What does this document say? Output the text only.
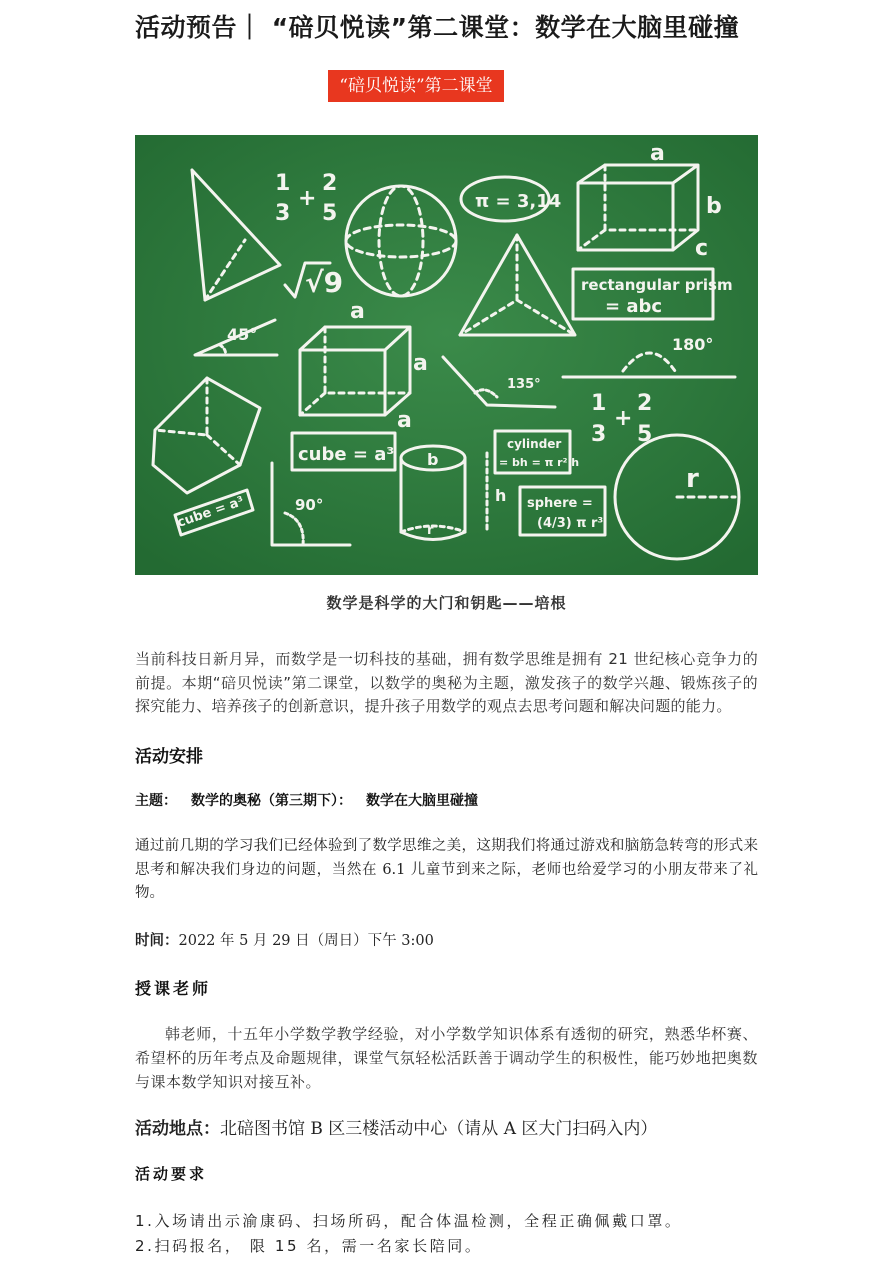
活动预告｜ “碚贝悦读”第二课堂：数学在大脑里碰撞
“碚贝悦读”第二课堂
1
3
+
2
5	π = 3,14
a
b
c
rectangular prism
= abc
√9
45°
a
a
a
180°
135°
1
3
+
2
5
cube = a³
cube = a³
b
h
r
cylinder
= bh = π r² h
sphere =
(4/3) π r³
r
90°
数学是科学的大门和钥匙——培根
当前科技日新月异，而数学是一切科技的基础，拥有数学思维是拥有 21 世纪核心竞争力的前提。本期“碚贝悦读”第二课堂，以数学的奥秘为主题，激发孩子的数学兴趣、锻炼孩子的探究能力、培养孩子的创新意识，提升孩子用数学的观点去思考问题和解决问题的能力。
活动安排
主题： 数学的奥秘（第三期下）： 数学在大脑里碰撞
通过前几期的学习我们已经体验到了数学思维之美，这期我们将通过游戏和脑筋急转弯的形式来思考和解决我们身边的问题，当然在 6.1 儿童节到来之际，老师也给爱学习的小朋友带来了礼物。
时间：2022 年 5 月 29 日（周日）下午 3:00
授课老师
韩老师，十五年小学数学教学经验，对小学数学知识体系有透彻的研究，熟悉华杯赛、希望杯的历年考点及命题规律，课堂气氛轻松活跃善于调动学生的积极性，能巧妙地把奥数与课本数学知识对接互补。
活动地点：北碚图书馆 B 区三楼活动中心（请从 A 区大门扫码入内）
活动要求
1.入场请出示渝康码、扫场所码，配合体温检测，全程正确佩戴口罩。
2.扫码报名， 限 15 名，需一名家长陪同。
